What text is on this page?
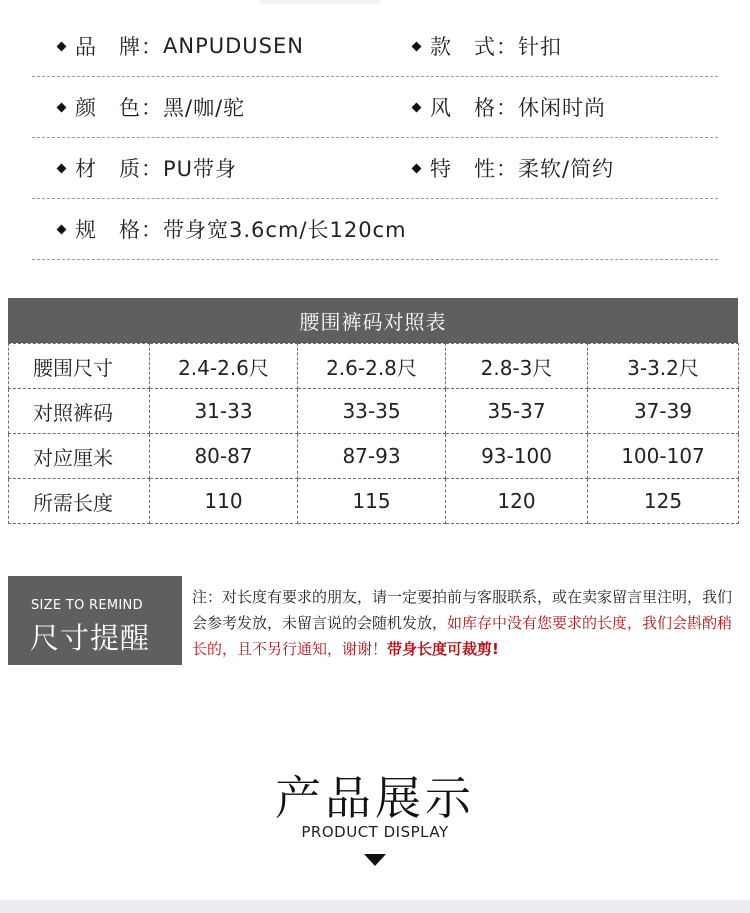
品　牌： ANPUDUSEN	款　式： 针扣
颜　色： 黑/咖/驼	风　格： 休闲时尚
材　质： PU带身	特　性： 柔软/简约
规　格： 带身宽3.6cm/长120cm
腰围裤码对照表
腰围尺寸	2.4-2.6尺	2.6-2.8尺	2.8-3尺	3-3.2尺
对照裤码	31-33	33-35	35-37	37-39
对应厘米	80-87	87-93	93-100	100-107
所需长度	110	115	120	125
SIZE TO REMIND
尺寸提醒
注：对长度有要求的朋友，请一定要拍前与客服联系，或在卖家留言里注明，我们会参考发放，未留言说的会随机发放，如库存中没有您要求的长度，我们会斟酌稍长的，且不另行通知，谢谢！带身长度可裁剪!
产品展示
PRODUCT DISPLAY
